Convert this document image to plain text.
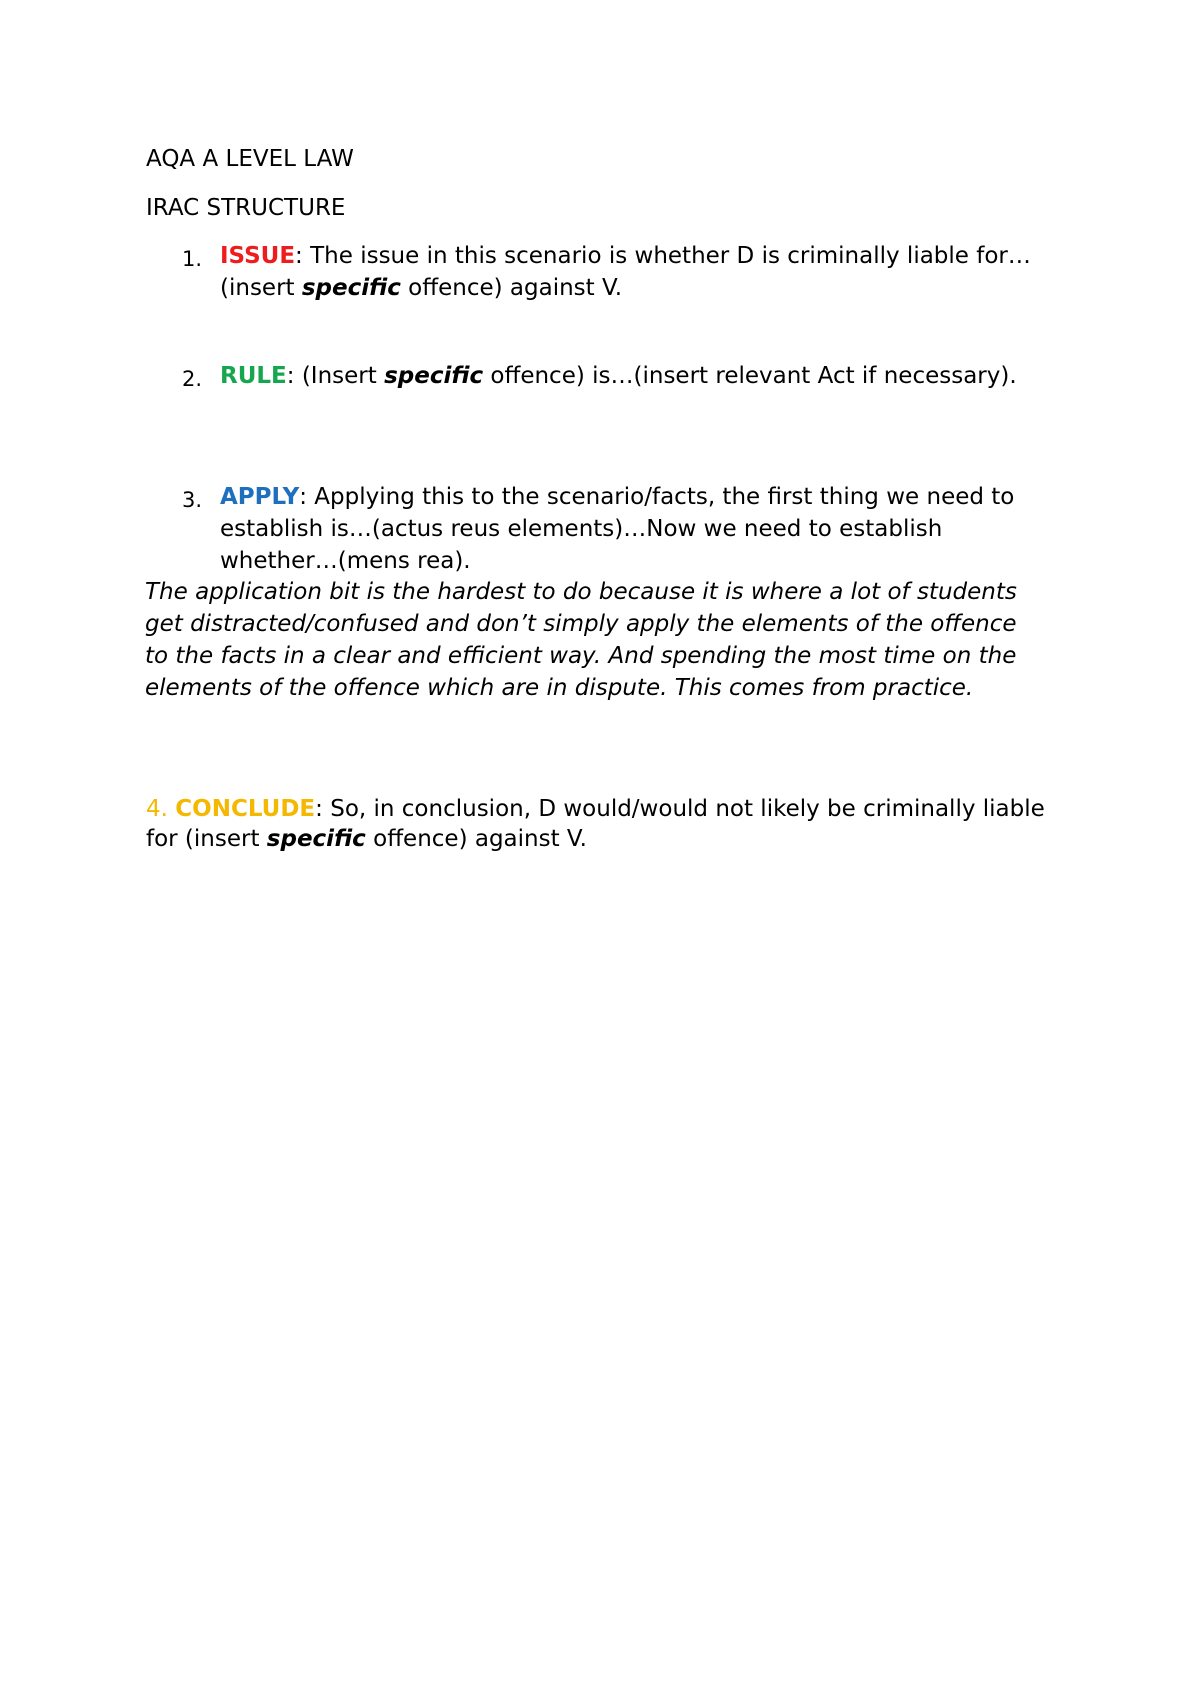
AQA A LEVEL LAW
IRAC STRUCTURE
1. ISSUE: The issue in this scenario is whether D is criminally liable for…(insert specific offence) against V.
2. RULE: (Insert specific offence) is…(insert relevant Act if necessary).
3. APPLY: Applying this to the scenario/facts, the first thing we need to establish is…(actus reus elements)…Now we need to establish whether…(mens rea).

The application bit is the hardest to do because it is where a lot of students get distracted/confused and don’t simply apply the elements of the offence to the facts in a clear and efficient way. And spending the most time on the elements of the offence which are in dispute. This comes from practice.

4. CONCLUDE: So, in conclusion, D would/would not likely be criminally liable for (insert specific offence) against V.
